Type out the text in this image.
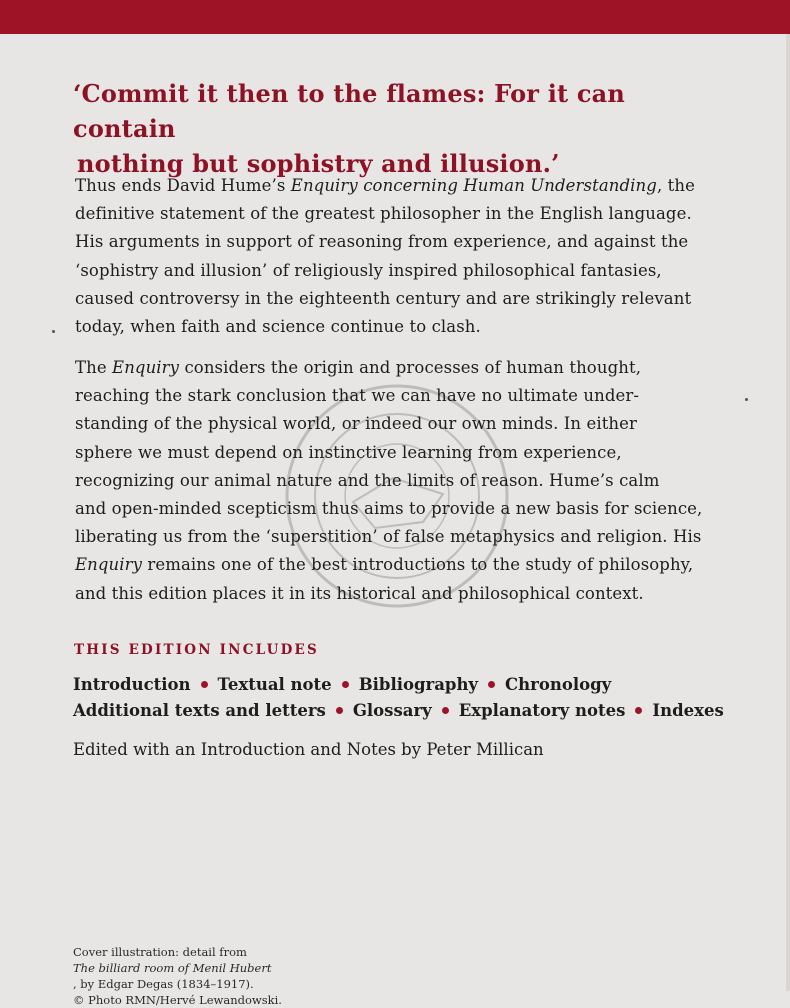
‘Commit it then to the flames: For it can contain
nothing but sophistry and illusion.’

Thus ends David Hume’s Enquiry concerning Human Understanding, the
definitive statement of the greatest philosopher in the English language.
His arguments in support of reasoning from experience, and against the
‘sophistry and illusion’ of religiously inspired philosophical fantasies,
caused controversy in the eighteenth century and are strikingly relevant
today, when faith and science continue to clash.

The Enquiry considers the origin and processes of human thought,
reaching the stark conclusion that we can have no ultimate under-
standing of the physical world, or indeed our own minds. In either
sphere we must depend on instinctive learning from experience,
recognizing our animal nature and the limits of reason. Hume’s calm
and open-minded scepticism thus aims to provide a new basis for science,
liberating us from the ‘superstition’ of false metaphysics and religion. His
Enquiry remains one of the best introductions to the study of philosophy,
and this edition places it in its historical and philosophical context.

THIS EDITION INCLUDES
Introduction Textual note Bibliography Chronology
Additional texts and letters Glossary Explanatory notes Indexes

Edited with an Introduction and Notes by Peter Millican

Cover illustration: detail from
The billiard room of Menil Hubert
, by Edgar Degas (1834–1917).
© Photo RMN/Hervé Lewandowski.
